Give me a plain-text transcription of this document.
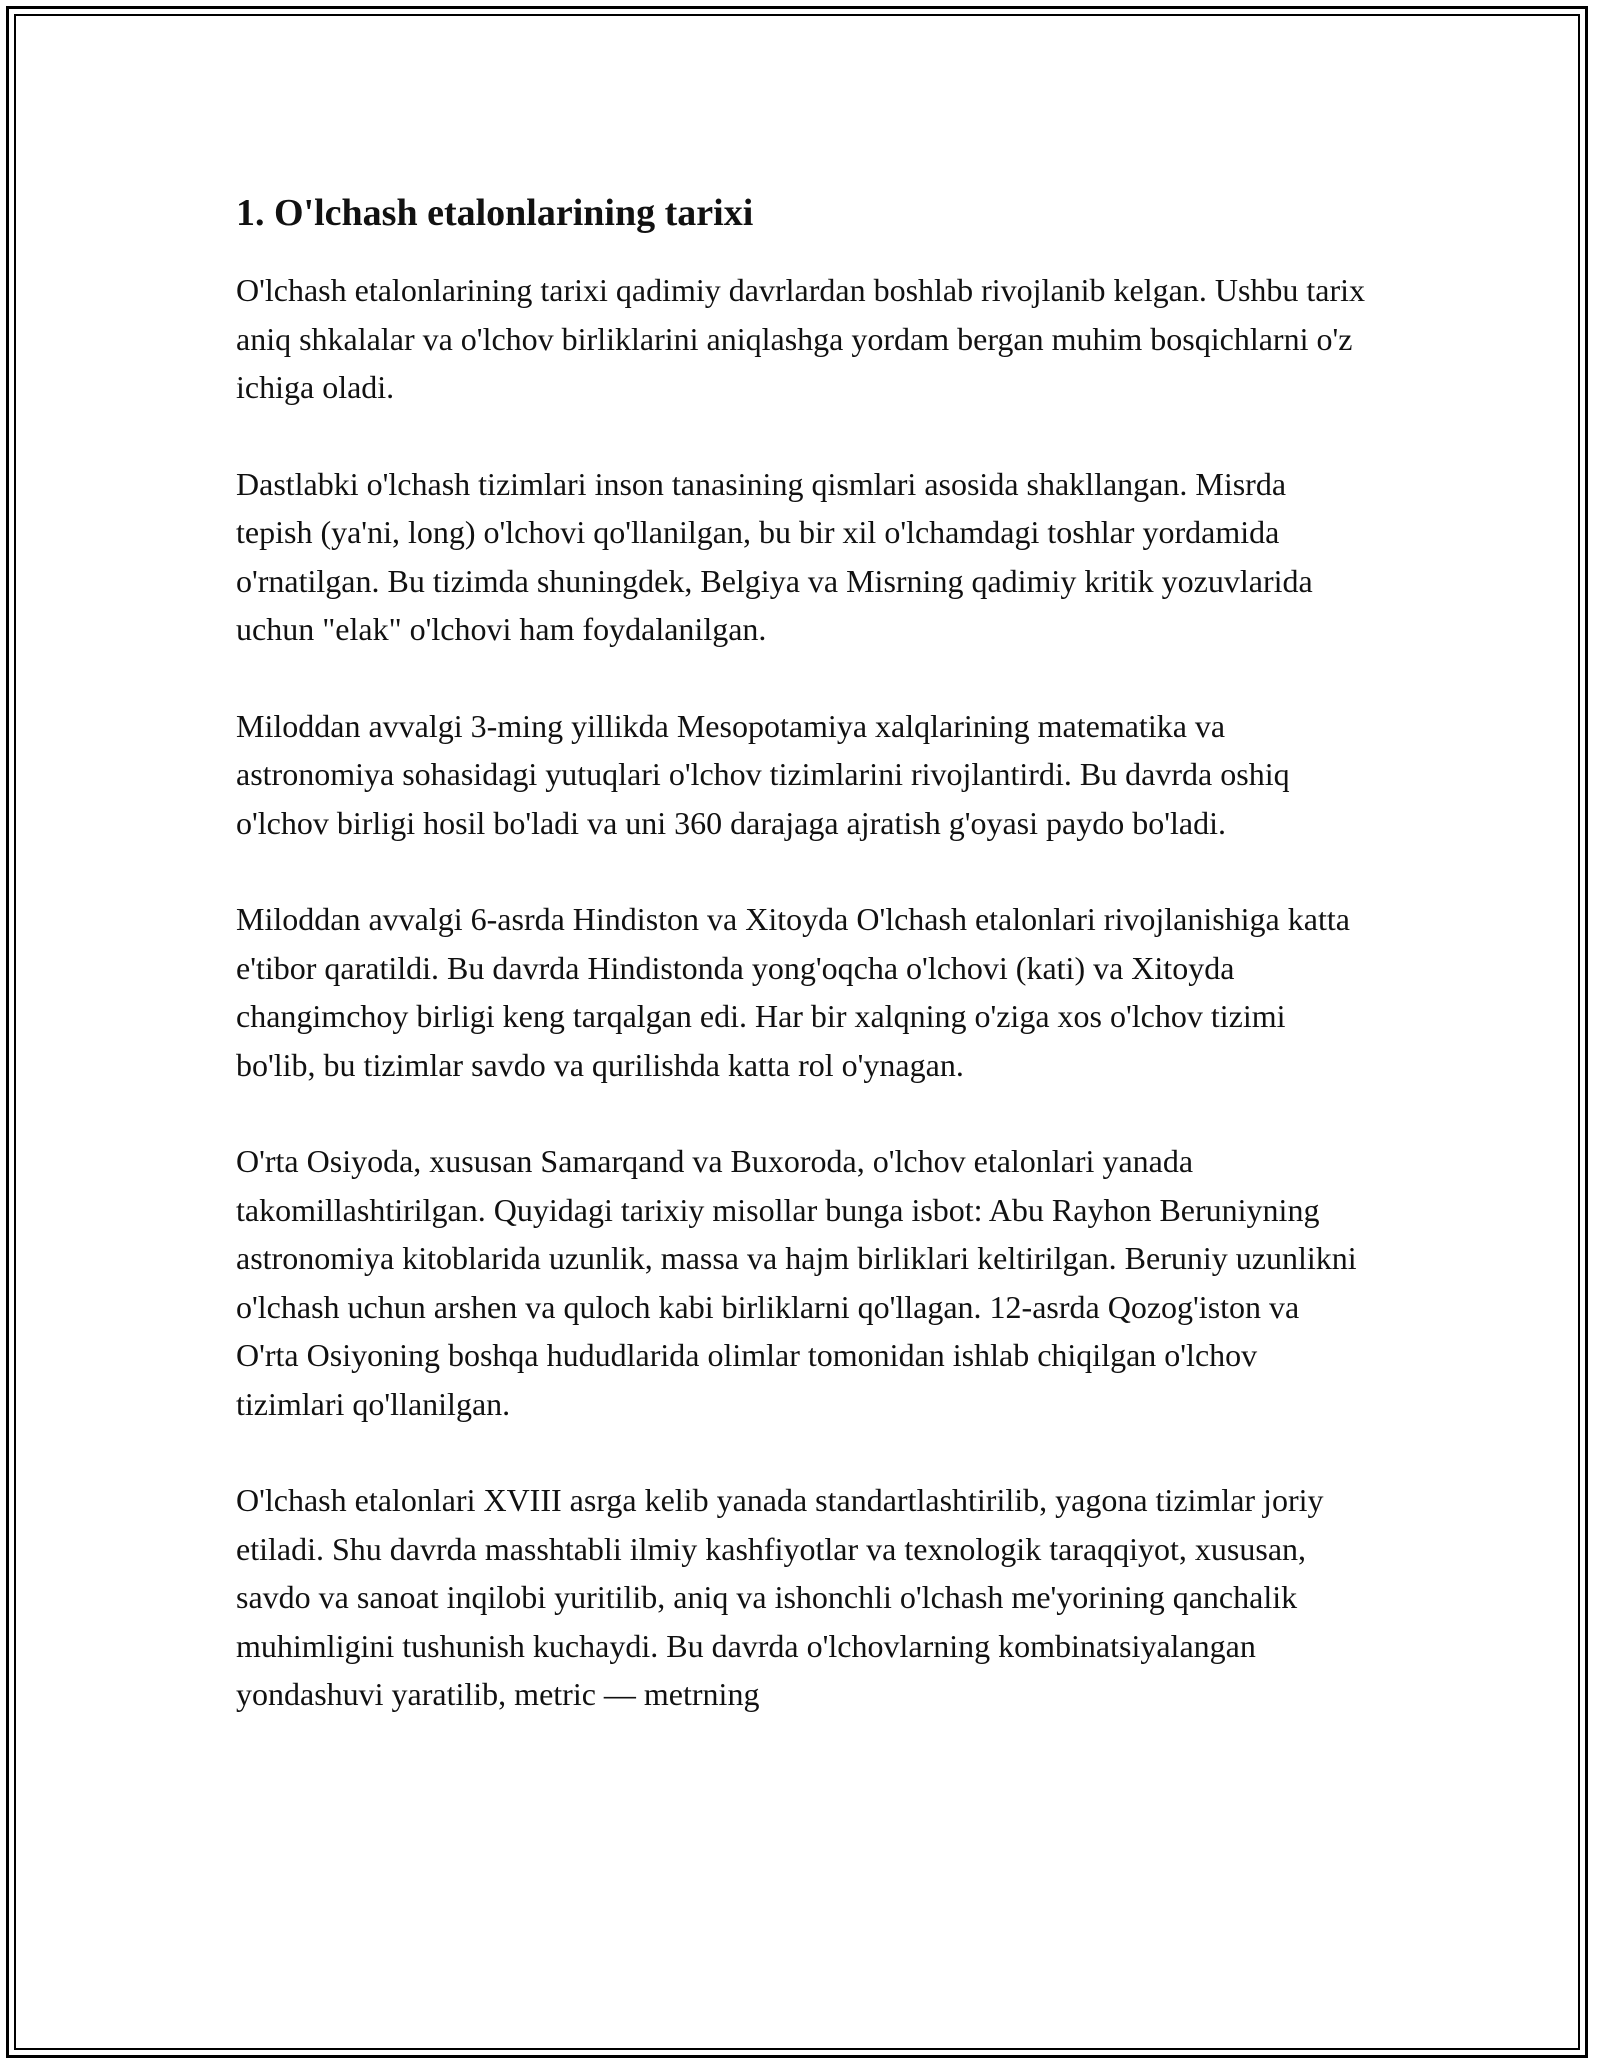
1. O'lchash etalonlarining tarixi

O'lchash etalonlarining tarixi qadimiy davrlardan boshlab rivojlanib kelgan. Ushbu tarix aniq shkalalar va o'lchov birliklarini aniqlashga yordam bergan muhim bosqichlarni o'z ichiga oladi.

Dastlabki o'lchash tizimlari inson tanasining qismlari asosida shakllangan. Misrda tepish (ya'ni, long) o'lchovi qo'llanilgan, bu bir xil o'lchamdagi toshlar yordamida o'rnatilgan. Bu tizimda shuningdek, Belgiya va Misrning qadimiy kritik yozuvlarida uchun "elak" o'lchovi ham foydalanilgan.

Miloddan avvalgi 3-ming yillikda Mesopotamiya xalqlarining matematika va astronomiya sohasidagi yutuqlari o'lchov tizimlarini rivojlantirdi. Bu davrda oshiq o'lchov birligi hosil bo'ladi va uni 360 darajaga ajratish g'oyasi paydo bo'ladi.

Miloddan avvalgi 6-asrda Hindiston va Xitoyda O'lchash etalonlari rivojlanishiga katta e'tibor qaratildi. Bu davrda Hindistonda yong'oqcha o'lchovi (kati) va Xitoyda changimchoy birligi keng tarqalgan edi. Har bir xalqning o'ziga xos o'lchov tizimi bo'lib, bu tizimlar savdo va qurilishda katta rol o'ynagan.

O'rta Osiyoda, xususan Samarqand va Buxoroda, o'lchov etalonlari yanada takomillashtirilgan. Quyidagi tarixiy misollar bunga isbot: Abu Rayhon Beruniyning astronomiya kitoblarida uzunlik, massa va hajm birliklari keltirilgan. Beruniy uzunlikni o'lchash uchun arshen va quloch kabi birliklarni qo'llagan. 12-asrda Qozog'iston va O'rta Osiyoning boshqa hududlarida olimlar tomonidan ishlab chiqilgan o'lchov tizimlari qo'llanilgan.

O'lchash etalonlari XVIII asrga kelib yanada standartlashtirilib, yagona tizimlar joriy etiladi. Shu davrda masshtabli ilmiy kashfiyotlar va texnologik taraqqiyot, xususan, savdo va sanoat inqilobi yuritilib, aniq va ishonchli o'lchash me'yorining qanchalik muhimligini tushunish kuchaydi. Bu davrda o'lchovlarning kombinatsiyalangan yondashuvi yaratilib, metric — metrning
